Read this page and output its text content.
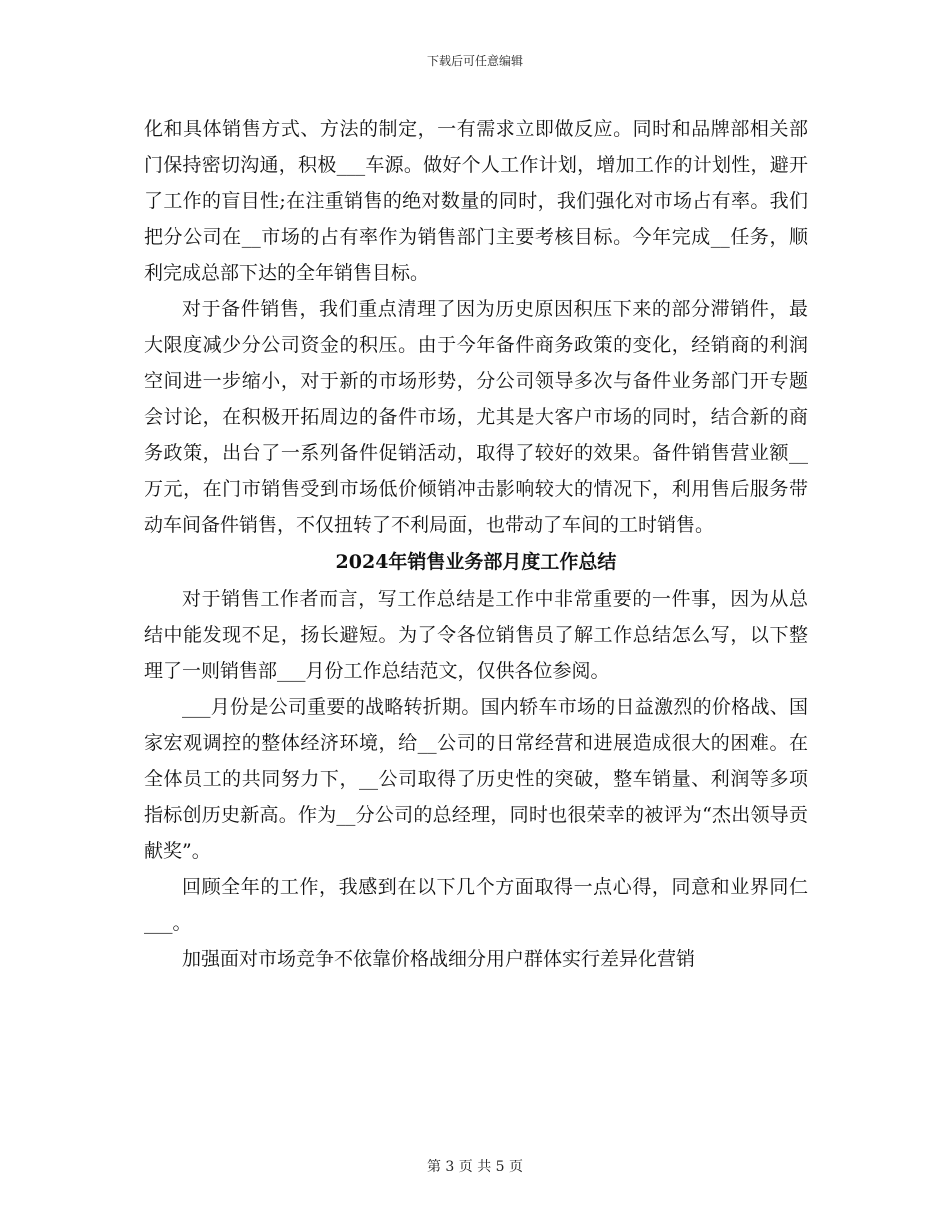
下载后可任意编辑

化和具体销售方式、方法的制定，一有需求立即做反应。同时和品牌部相关部门保持密切沟通，积极___车源。做好个人工作计划，增加工作的计划性，避开了工作的盲目性;在注重销售的绝对数量的同时，我们强化对市场占有率。我们把分公司在__市场的占有率作为销售部门主要考核目标。今年完成__任务，顺利完成总部下达的全年销售目标。

对于备件销售，我们重点清理了因为历史原因积压下来的部分滞销件，最大限度减少分公司资金的积压。由于今年备件商务政策的变化，经销商的利润空间进一步缩小，对于新的市场形势，分公司领导多次与备件业务部门开专题会讨论，在积极开拓周边的备件市场，尤其是大客户市场的同时，结合新的商务政策，出台了一系列备件促销活动，取得了较好的效果。备件销售营业额__万元，在门市销售受到市场低价倾销冲击影响较大的情况下，利用售后服务带动车间备件销售，不仅扭转了不利局面，也带动了车间的工时销售。

2024年销售业务部月度工作总结

对于销售工作者而言，写工作总结是工作中非常重要的一件事，因为从总结中能发现不足，扬长避短。为了令各位销售员了解工作总结怎么写，以下整理了一则销售部___月份工作总结范文，仅供各位参阅。

___月份是公司重要的战略转折期。国内轿车市场的日益激烈的价格战、国家宏观调控的整体经济环境，给__公司的日常经营和进展造成很大的困难。在全体员工的共同努力下，__公司取得了历史性的突破，整车销量、利润等多项指标创历史新高。作为__分公司的总经理，同时也很荣幸的被评为“杰出领导贡献奖”。

回顾全年的工作，我感到在以下几个方面取得一点心得，同意和业界同仁___。

加强面对市场竞争不依靠价格战细分用户群体实行差异化营销

第 3 页 共 5 页
